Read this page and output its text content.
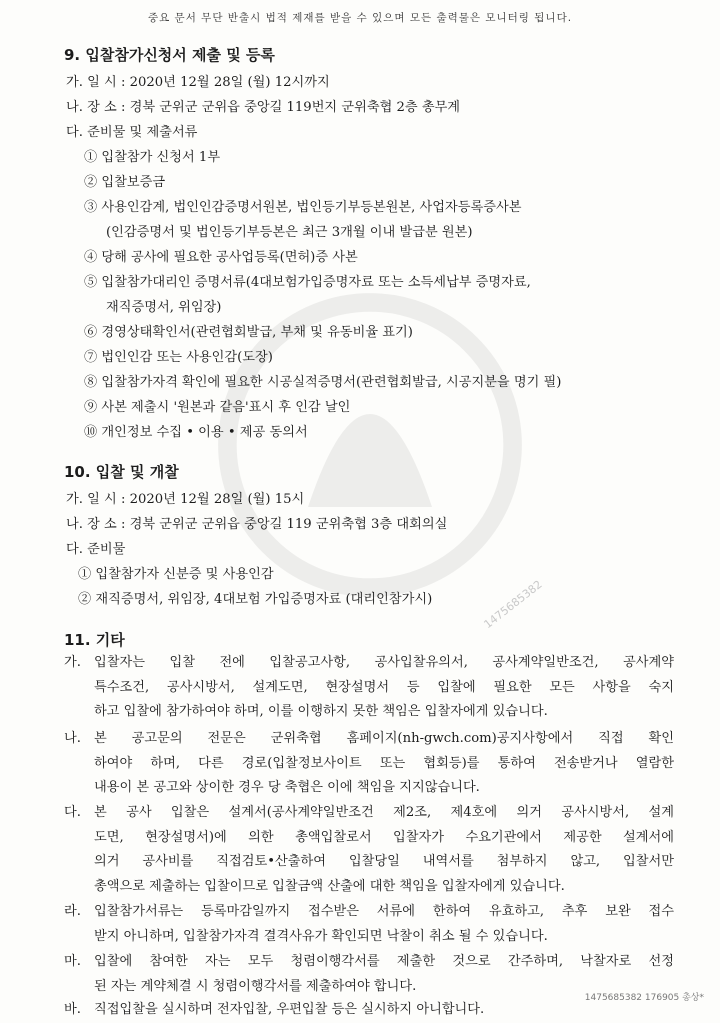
중요 문서 무단 반출시 법적 제재를 받을 수 있으며 모든 출력물은 모니터링 됩니다.
1475685382
9. 입찰참가신청서 제출 및 등록
가. 일 시 : 2020년 12월 28일 (월) 12시까지
나. 장 소 : 경북 군위군 군위읍 중앙길 119번지 군위축협 2층 총무계
다. 준비물 및 제출서류
① 입찰참가 신청서 1부
② 입찰보증금
③ 사용인감계, 법인인감증명서원본, 법인등기부등본원본, 사업자등록증사본
(인감증명서 및 법인등기부등본은 최근 3개월 이내 발급분 원본)
④ 당해 공사에 필요한 공사업등록(면허)증 사본
⑤ 입찰참가대리인 증명서류(4대보험가입증명자료 또는 소득세납부 증명자료,
재직증명서, 위임장)
⑥ 경영상태확인서(관련협회발급, 부채 및 유동비율 표기)
⑦ 법인인감 또는 사용인감(도장)
⑧ 입찰참가자격 확인에 필요한 시공실적증명서(관련협회발급, 시공지분을 명기 필)
⑨ 사본 제출시 '원본과 같음'표시 후 인감 날인
⑩ 개인정보 수집 • 이용 • 제공 동의서
10. 입찰 및 개찰
가. 일 시 : 2020년 12월 28일 (월) 15시
나. 장 소 : 경북 군위군 군위읍 중앙길 119 군위축협 3층 대회의실
다. 준비물
① 입찰참가자 신분증 및 사용인감
② 재직증명서, 위임장, 4대보험 가입증명자료 (대리인참가시)
11. 기타
가. 입찰자는 입찰 전에 입찰공고사항, 공사입찰유의서, 공사계약일반조건, 공사계약
특수조건, 공사시방서, 설계도면, 현장설명서 등 입찰에 필요한 모든 사항을 숙지
하고 입찰에 참가하여야 하며, 이를 이행하지 못한 책임은 입찰자에게 있습니다.
나. 본 공고문의 전문은 군위축협 홈페이지(nh-gwch.com)공지사항에서 직접 확인
하여야 하며, 다른 경로(입찰정보사이트 또는 협회등)를 통하여 전송받거나 열람한
내용이 본 공고와 상이한 경우 당 축협은 이에 책임을 지지않습니다.
다. 본 공사 입찰은 설계서(공사계약일반조건 제2조, 제4호에 의거 공사시방서, 설계
도면, 현장설명서)에 의한 총액입찰로서 입찰자가 수요기관에서 제공한 설계서에
의거 공사비를 직접검토•산출하여 입찰당일 내역서를 첨부하지 않고, 입찰서만
총액으로 제출하는 입찰이므로 입찰금액 산출에 대한 책임을 입찰자에게 있습니다.
라. 입찰참가서류는 등록마감일까지 접수받은 서류에 한하여 유효하고, 추후 보완 접수
받지 아니하며, 입찰참가자격 결격사유가 확인되면 낙찰이 취소 될 수 있습니다.
마. 입찰에 참여한 자는 모두 청렴이행각서를 제출한 것으로 간주하며, 낙찰자로 선정
된 자는 계약체결 시 청렴이행각서를 제출하여야 합니다.
바. 직접입찰을 실시하며 전자입찰, 우편입찰 등은 실시하지 아니합니다.
1475685382 176905 총상*
